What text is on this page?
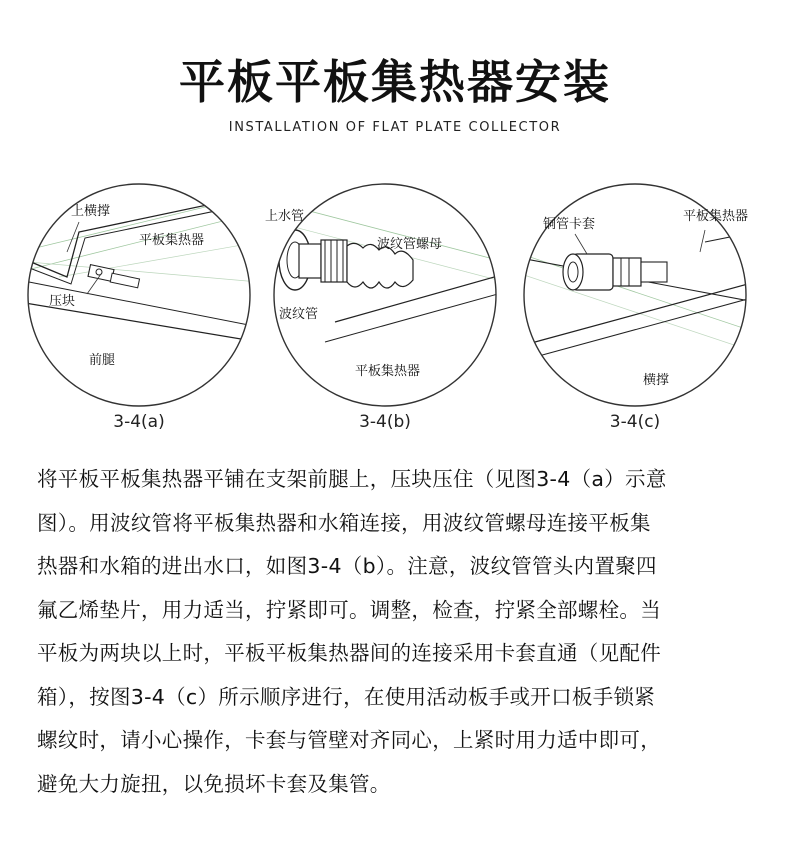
平板平板集热器安装
INSTALLATION OF FLAT PLATE COLLECTOR
上横撑
平板集热器
压块
前腿
3-4(a)
上水管
波纹管螺母
波纹管
平板集热器
3-4(b)
铜管卡套
平板集热器
横撑
3-4(c)

将平板平板集热器平铺在支架前腿上，压块压住（见图3-4（a）示意

图）。用波纹管将平板集热器和水箱连接，用波纹管螺母连接平板集

热器和水箱的进出水口，如图3-4（b）。注意，波纹管管头内置聚四

氟乙烯垫片，用力适当，拧紧即可。调整，检查，拧紧全部螺栓。当

平板为两块以上时，平板平板集热器间的连接采用卡套直通（见配件

箱），按图3-4（c）所示顺序进行，在使用活动板手或开口板手锁紧

螺纹时，请小心操作，卡套与管壁对齐同心，上紧时用力适中即可，

避免大力旋扭，以免损坏卡套及集管。
